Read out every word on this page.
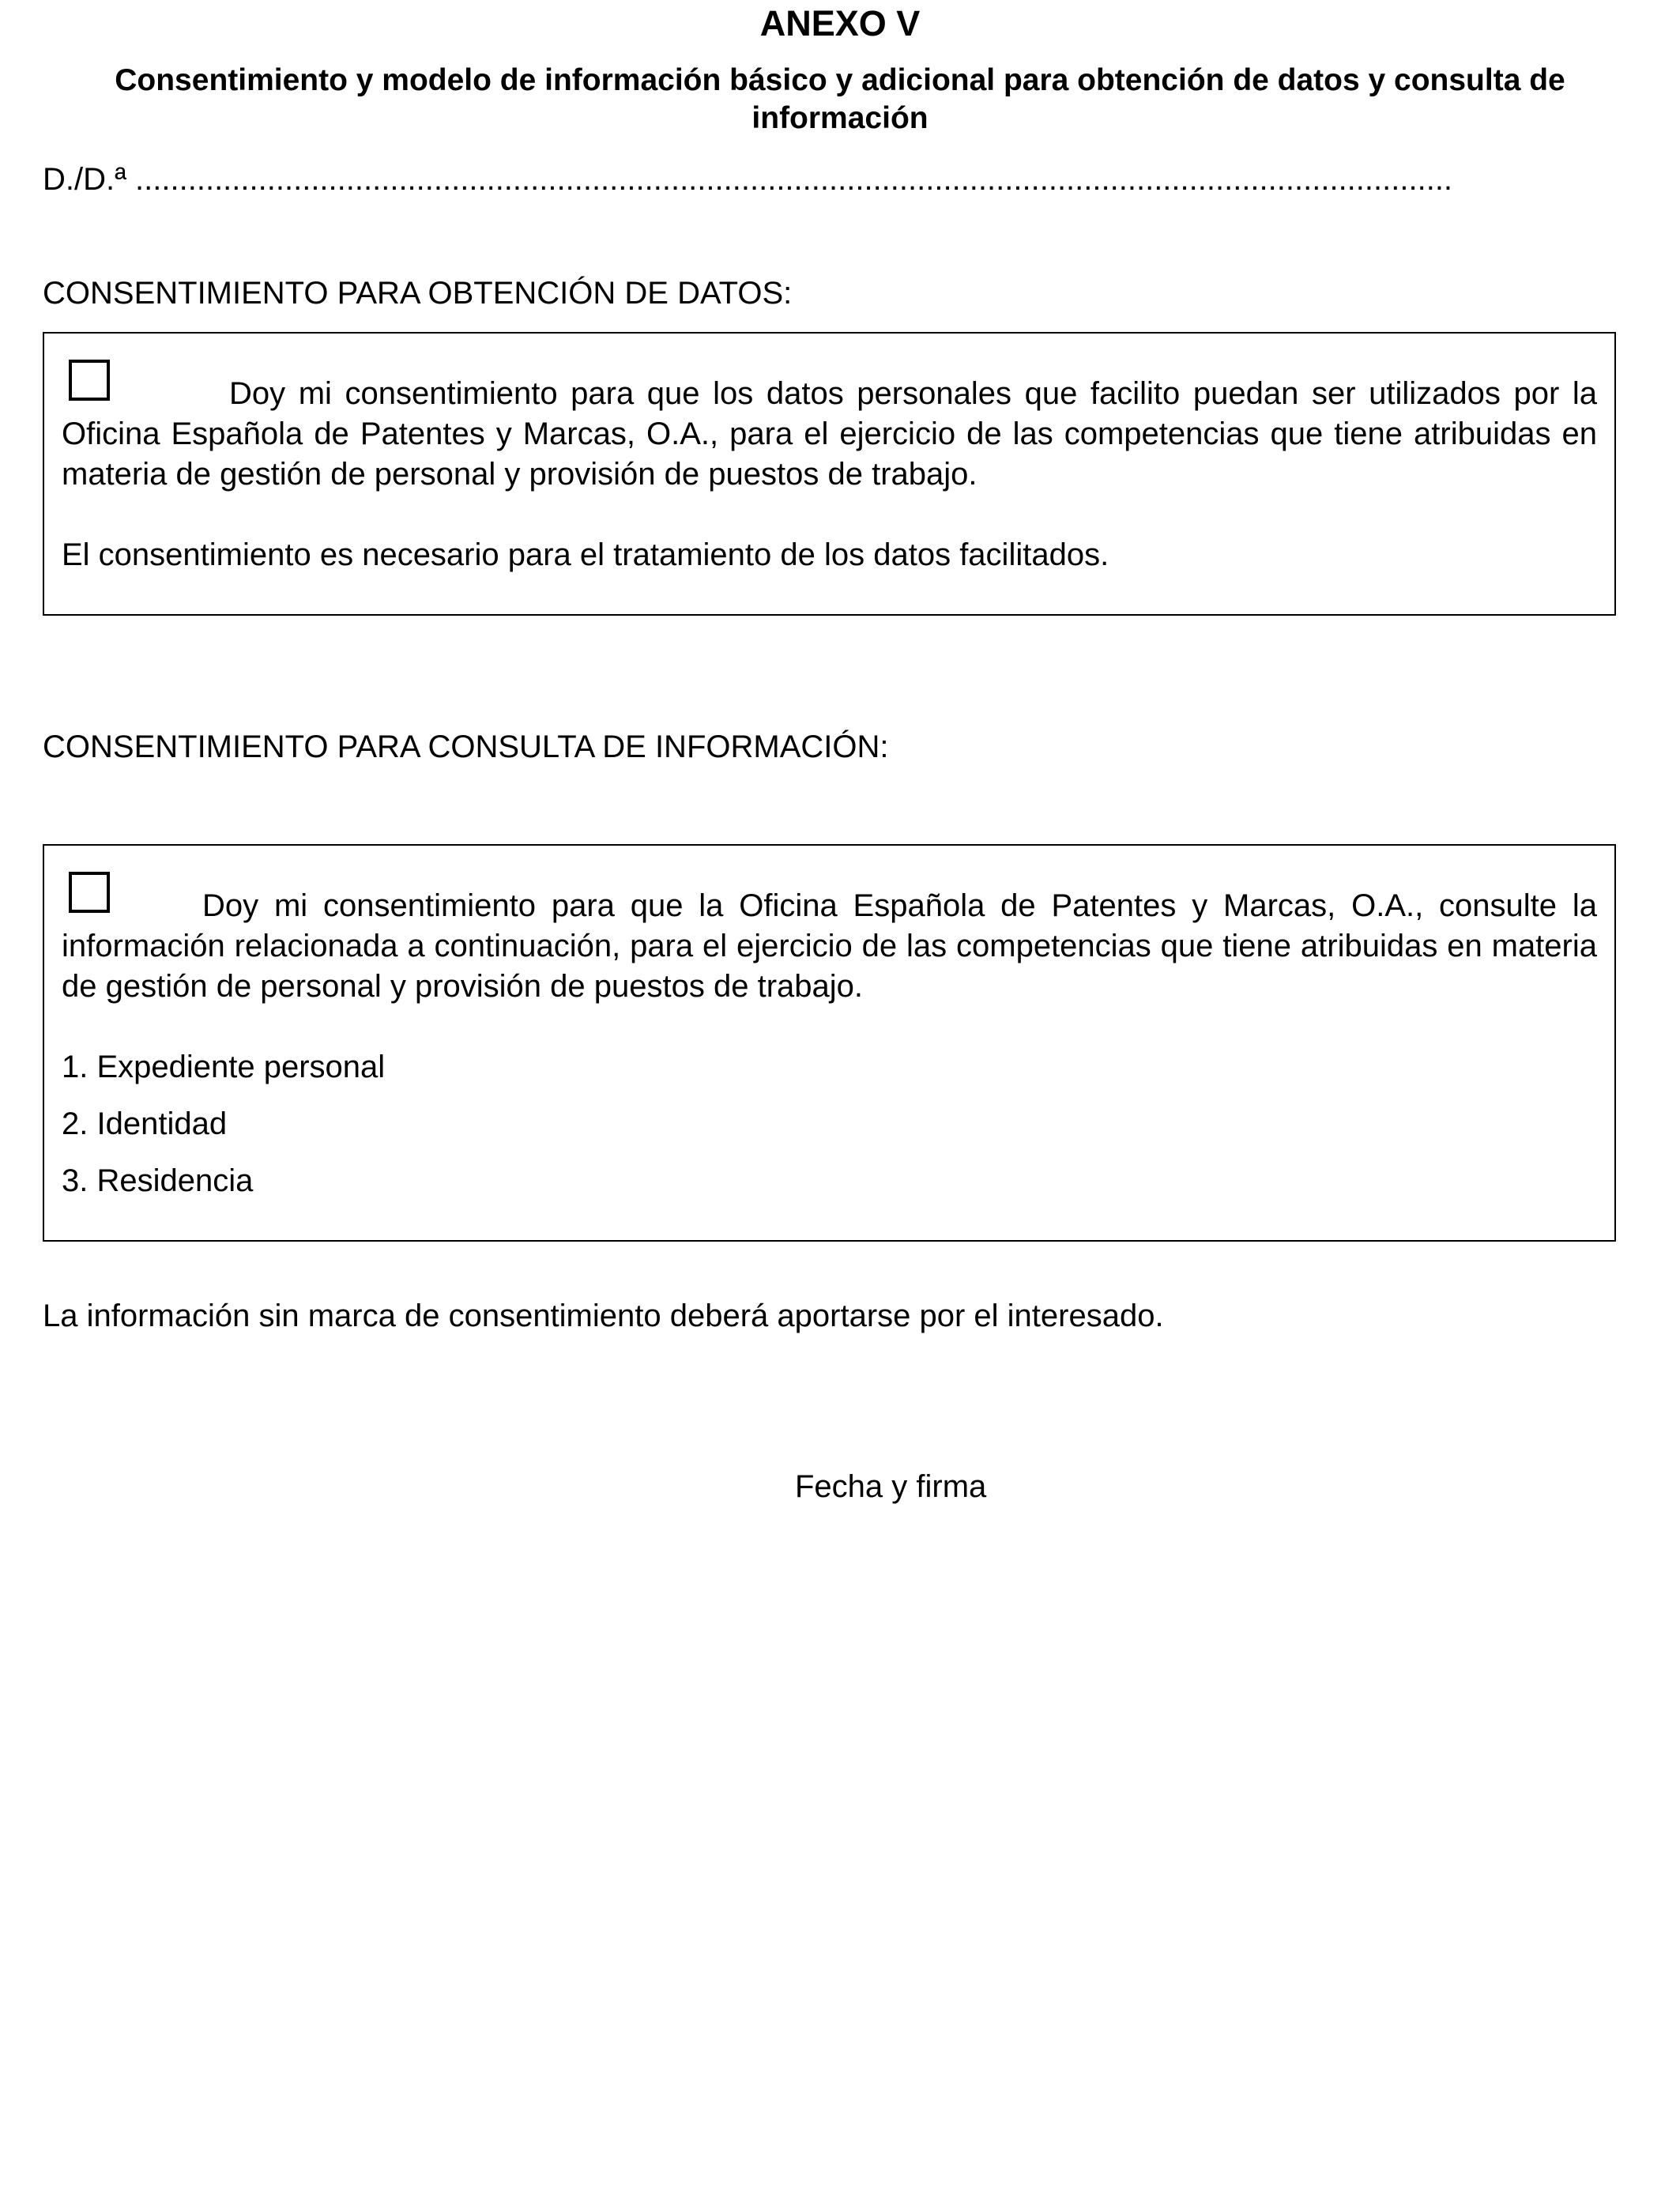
ANEXO V
Consentimiento y modelo de información básico y adicional para obtención de datos y consulta de información
D./D.ª ......................................................................................................................................................
CONSENTIMIENTO PARA OBTENCIÓN DE DATOS:

Doy mi consentimiento para que los datos personales que facilito puedan ser utilizados por la Oficina Española de Patentes y Marcas, O.A., para el ejercicio de las competencias que tiene atribuidas en materia de gestión de personal y provisión de puestos de trabajo.

El consentimiento es necesario para el tratamiento de los datos facilitados.

CONSENTIMIENTO PARA CONSULTA DE INFORMACIÓN:

Doy mi consentimiento para que la Oficina Española de Patentes y Marcas, O.A., consulte la información relacionada a continuación, para el ejercicio de las competencias que tiene atribuidas en materia de gestión de personal y provisión de puestos de trabajo.

1. Expediente personal

2. Identidad

3. Residencia

La información sin marca de consentimiento deberá aportarse por el interesado.
Fecha y firma
